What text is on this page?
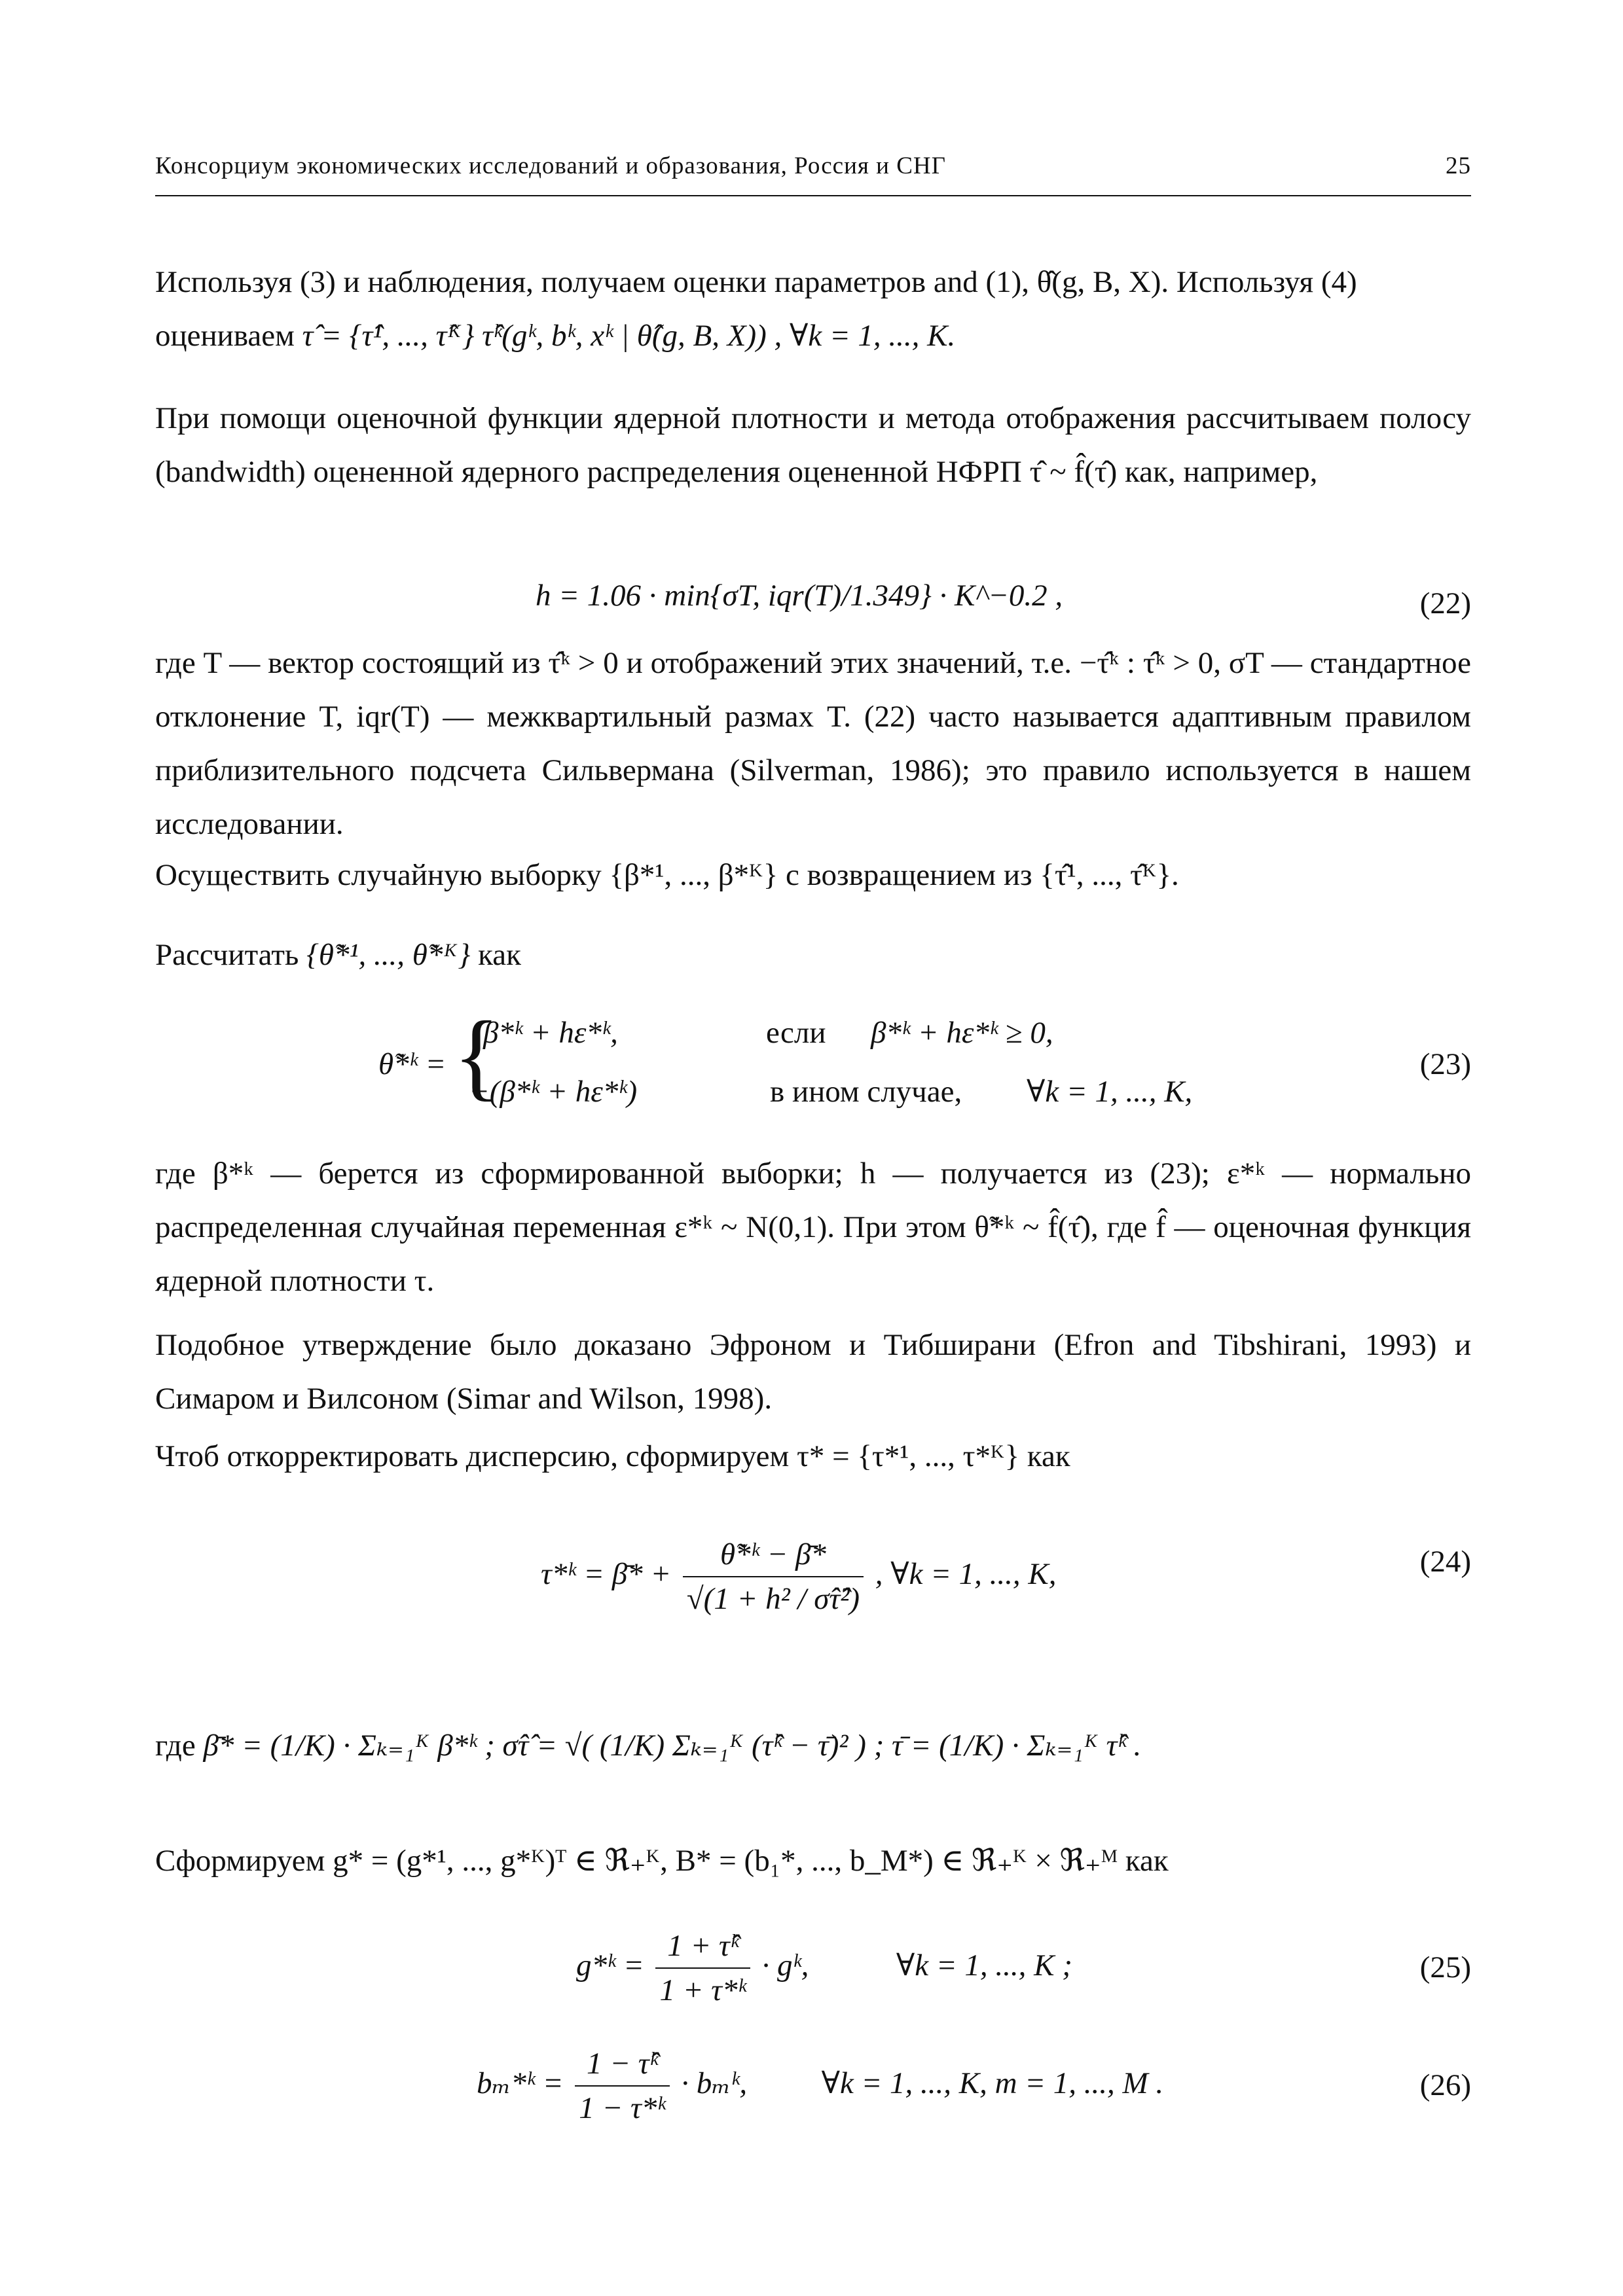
Консорциум экономических исследований и образования, Россия и СНГ	25
Используя (3) и наблюдения, получаем оценки параметров and (1), θ̂(g, B, X). Используя (4)
оцениваем τ̂ = {τ̂¹, ..., τ̂ᴷ} τ̂ᵏ(gᵏ, bᵏ, xᵏ | θ̂(g, B, X)) , ∀k = 1, ..., K.
При помощи оценочной функции ядерной плотности и метода отображения рассчитываем полосу (bandwidth) оцененной ядерного распределения оцененной НФРП τ̂ ~ f̂(τ̂) как, например,
h = 1.06 · min{σT, iqr(T)/1.349} · K^−0.2 ,	(22)
где T — вектор состоящий из τ̂ᵏ > 0 и отображений этих значений, т.е. −τ̂ᵏ : τ̂ᵏ > 0, σT — стандартное отклонение T, iqr(T) — межквартильный размах T. (22) часто называется адаптивным правилом приблизительного подсчета Сильвермана (Silverman, 1986); это правило используется в нашем исследовании.
Осуществить случайную выборку {β*¹, ..., β*ᴷ} с возвращением из {τ̂¹, ..., τ̂ᴷ}.
Рассчитать {θ̃*¹, ..., θ̃*ᴷ} как
θ̃*ᵏ = {
β*ᵏ + hε*ᵏ,	если β*ᵏ + hε*ᵏ ≥ 0,
−(β*ᵏ + hε*ᵏ)	в ином случае, ∀k = 1, ..., K,
(23)
где β*ᵏ — берется из сформированной выборки; h — получается из (23); ε*ᵏ — нормально распределенная случайная переменная ε*ᵏ ~ N(0,1). При этом θ̃*ᵏ ~ f̂(τ̂), где f̂ — оценочная функция ядерной плотности τ.
Подобное утверждение было доказано Эфроном и Тибширани (Efron and Tibshirani, 1993) и Симаром и Вилсоном (Simar and Wilson, 1998).
Чтоб откорректировать дисперсию, сформируем τ* = {τ*¹, ..., τ*ᴷ} как
τ*ᵏ = β̄* + $\frac{\text{θ̃*ᵏ − β̄*}}{\text{√(1 + h² / σ̂τ̂²)}}$ , ∀k = 1, ..., K,	(24)
где β̄* = (1/K) · Σₖ₌₁ᴷ β*ᵏ ; σ̂τ̂ = √( (1/K) Σₖ₌₁ᴷ (τ̂ᵏ − τ̄)² ) ; τ̄ = (1/K) · Σₖ₌₁ᴷ τ̂ᵏ .
Сформируем g* = (g*¹, ..., g*ᴷ)ᵀ ∈ ℜ₊ᴷ, B* = (b₁*, ..., b_M*) ∈ ℜ₊ᴷ × ℜ₊ᴹ как
g*ᵏ = $\frac{\text{1 + τ̂ᵏ}}{\text{1 + τ*ᵏ}}$ · gᵏ,	∀k = 1, ..., K ;	(25)
bₘ*ᵏ = $\frac{\text{1 − τ̂ᵏ}}{\text{1 − τ*ᵏ}}$ · bₘᵏ, ∀k = 1, ..., K, m = 1, ..., M .	(26)
